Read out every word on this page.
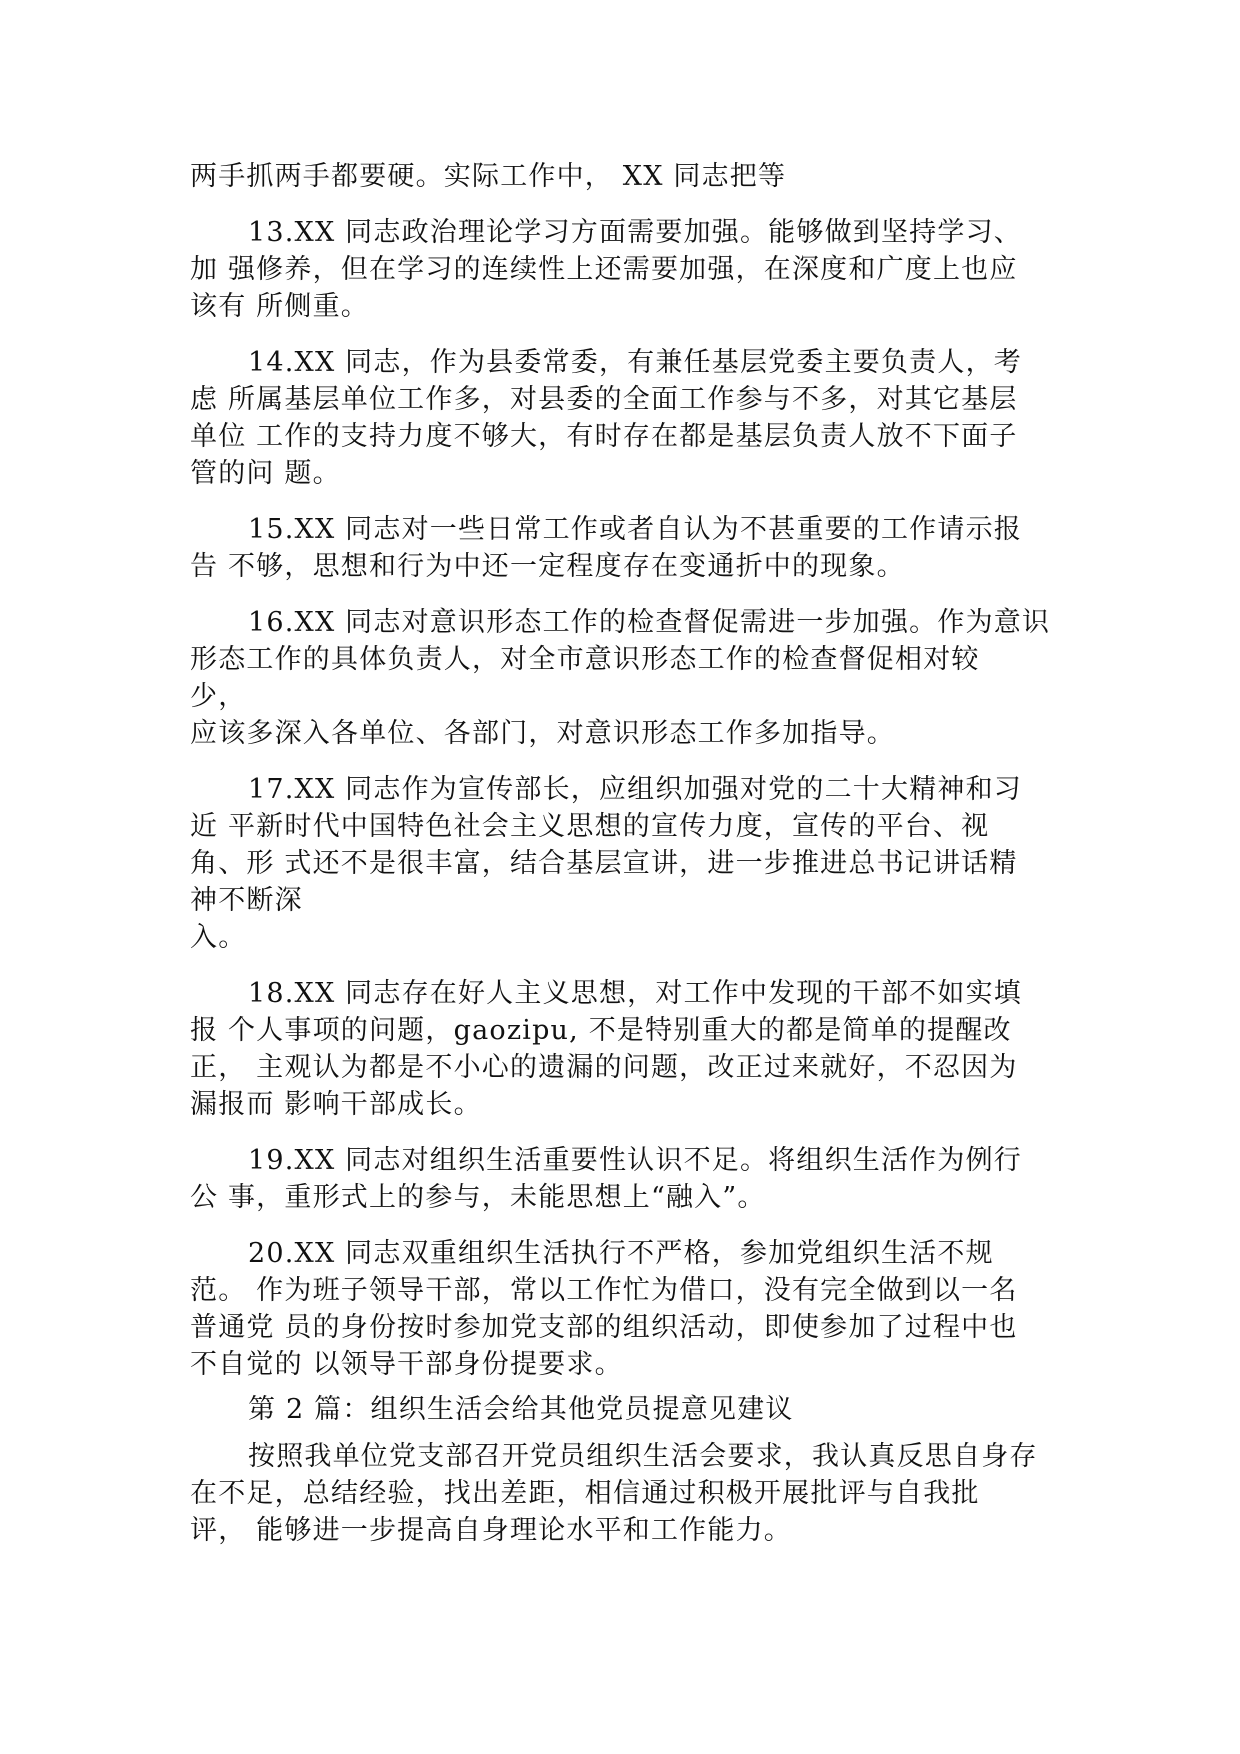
两手抓两手都要硬。实际工作中， XX 同志把等
13.XX 同志政治理论学习方面需要加强。能够做到坚持学习、
加 强修养，但在学习的连续性上还需要加强，在深度和广度上也应
该有 所侧重。
14.XX 同志，作为县委常委，有兼任基层党委主要负责人，考
虑 所属基层单位工作多，对县委的全面工作参与不多，对其它基层
单位 工作的支持力度不够大，有时存在都是基层负责人放不下面子
管的问 题。
15.XX 同志对一些日常工作或者自认为不甚重要的工作请示报
告 不够，思想和行为中还一定程度存在变通折中的现象。
16.XX 同志对意识形态工作的检查督促需进一步加强。作为意识
形态工作的具体负责人，对全市意识形态工作的检查督促相对较
少，
应该多深入各单位、各部门，对意识形态工作多加指导。
17.XX 同志作为宣传部长，应组织加强对党的二十大精神和习
近 平新时代中国特色社会主义思想的宣传力度，宣传的平台、视
角、形 式还不是很丰富，结合基层宣讲，进一步推进总书记讲话精
神不断深
入。
18.XX 同志存在好人主义思想，对工作中发现的干部不如实填
报 个人事项的问题，gaozipu, 不是特别重大的都是简单的提醒改
正， 主观认为都是不小心的遗漏的问题，改正过来就好，不忍因为
漏报而 影响干部成长。
19.XX 同志对组织生活重要性认识不足。将组织生活作为例行
公 事，重形式上的参与，未能思想上“融入”。
20.XX 同志双重组织生活执行不严格，参加党组织生活不规
范。 作为班子领导干部，常以工作忙为借口，没有完全做到以一名
普通党 员的身份按时参加党支部的组织活动，即使参加了过程中也
不自觉的 以领导干部身份提要求。
第 2 篇：组织生活会给其他党员提意见建议
按照我单位党支部召开党员组织生活会要求，我认真反思自身存
在不足，总结经验，找出差距，相信通过积极开展批评与自我批
评， 能够进一步提高自身理论水平和工作能力。
